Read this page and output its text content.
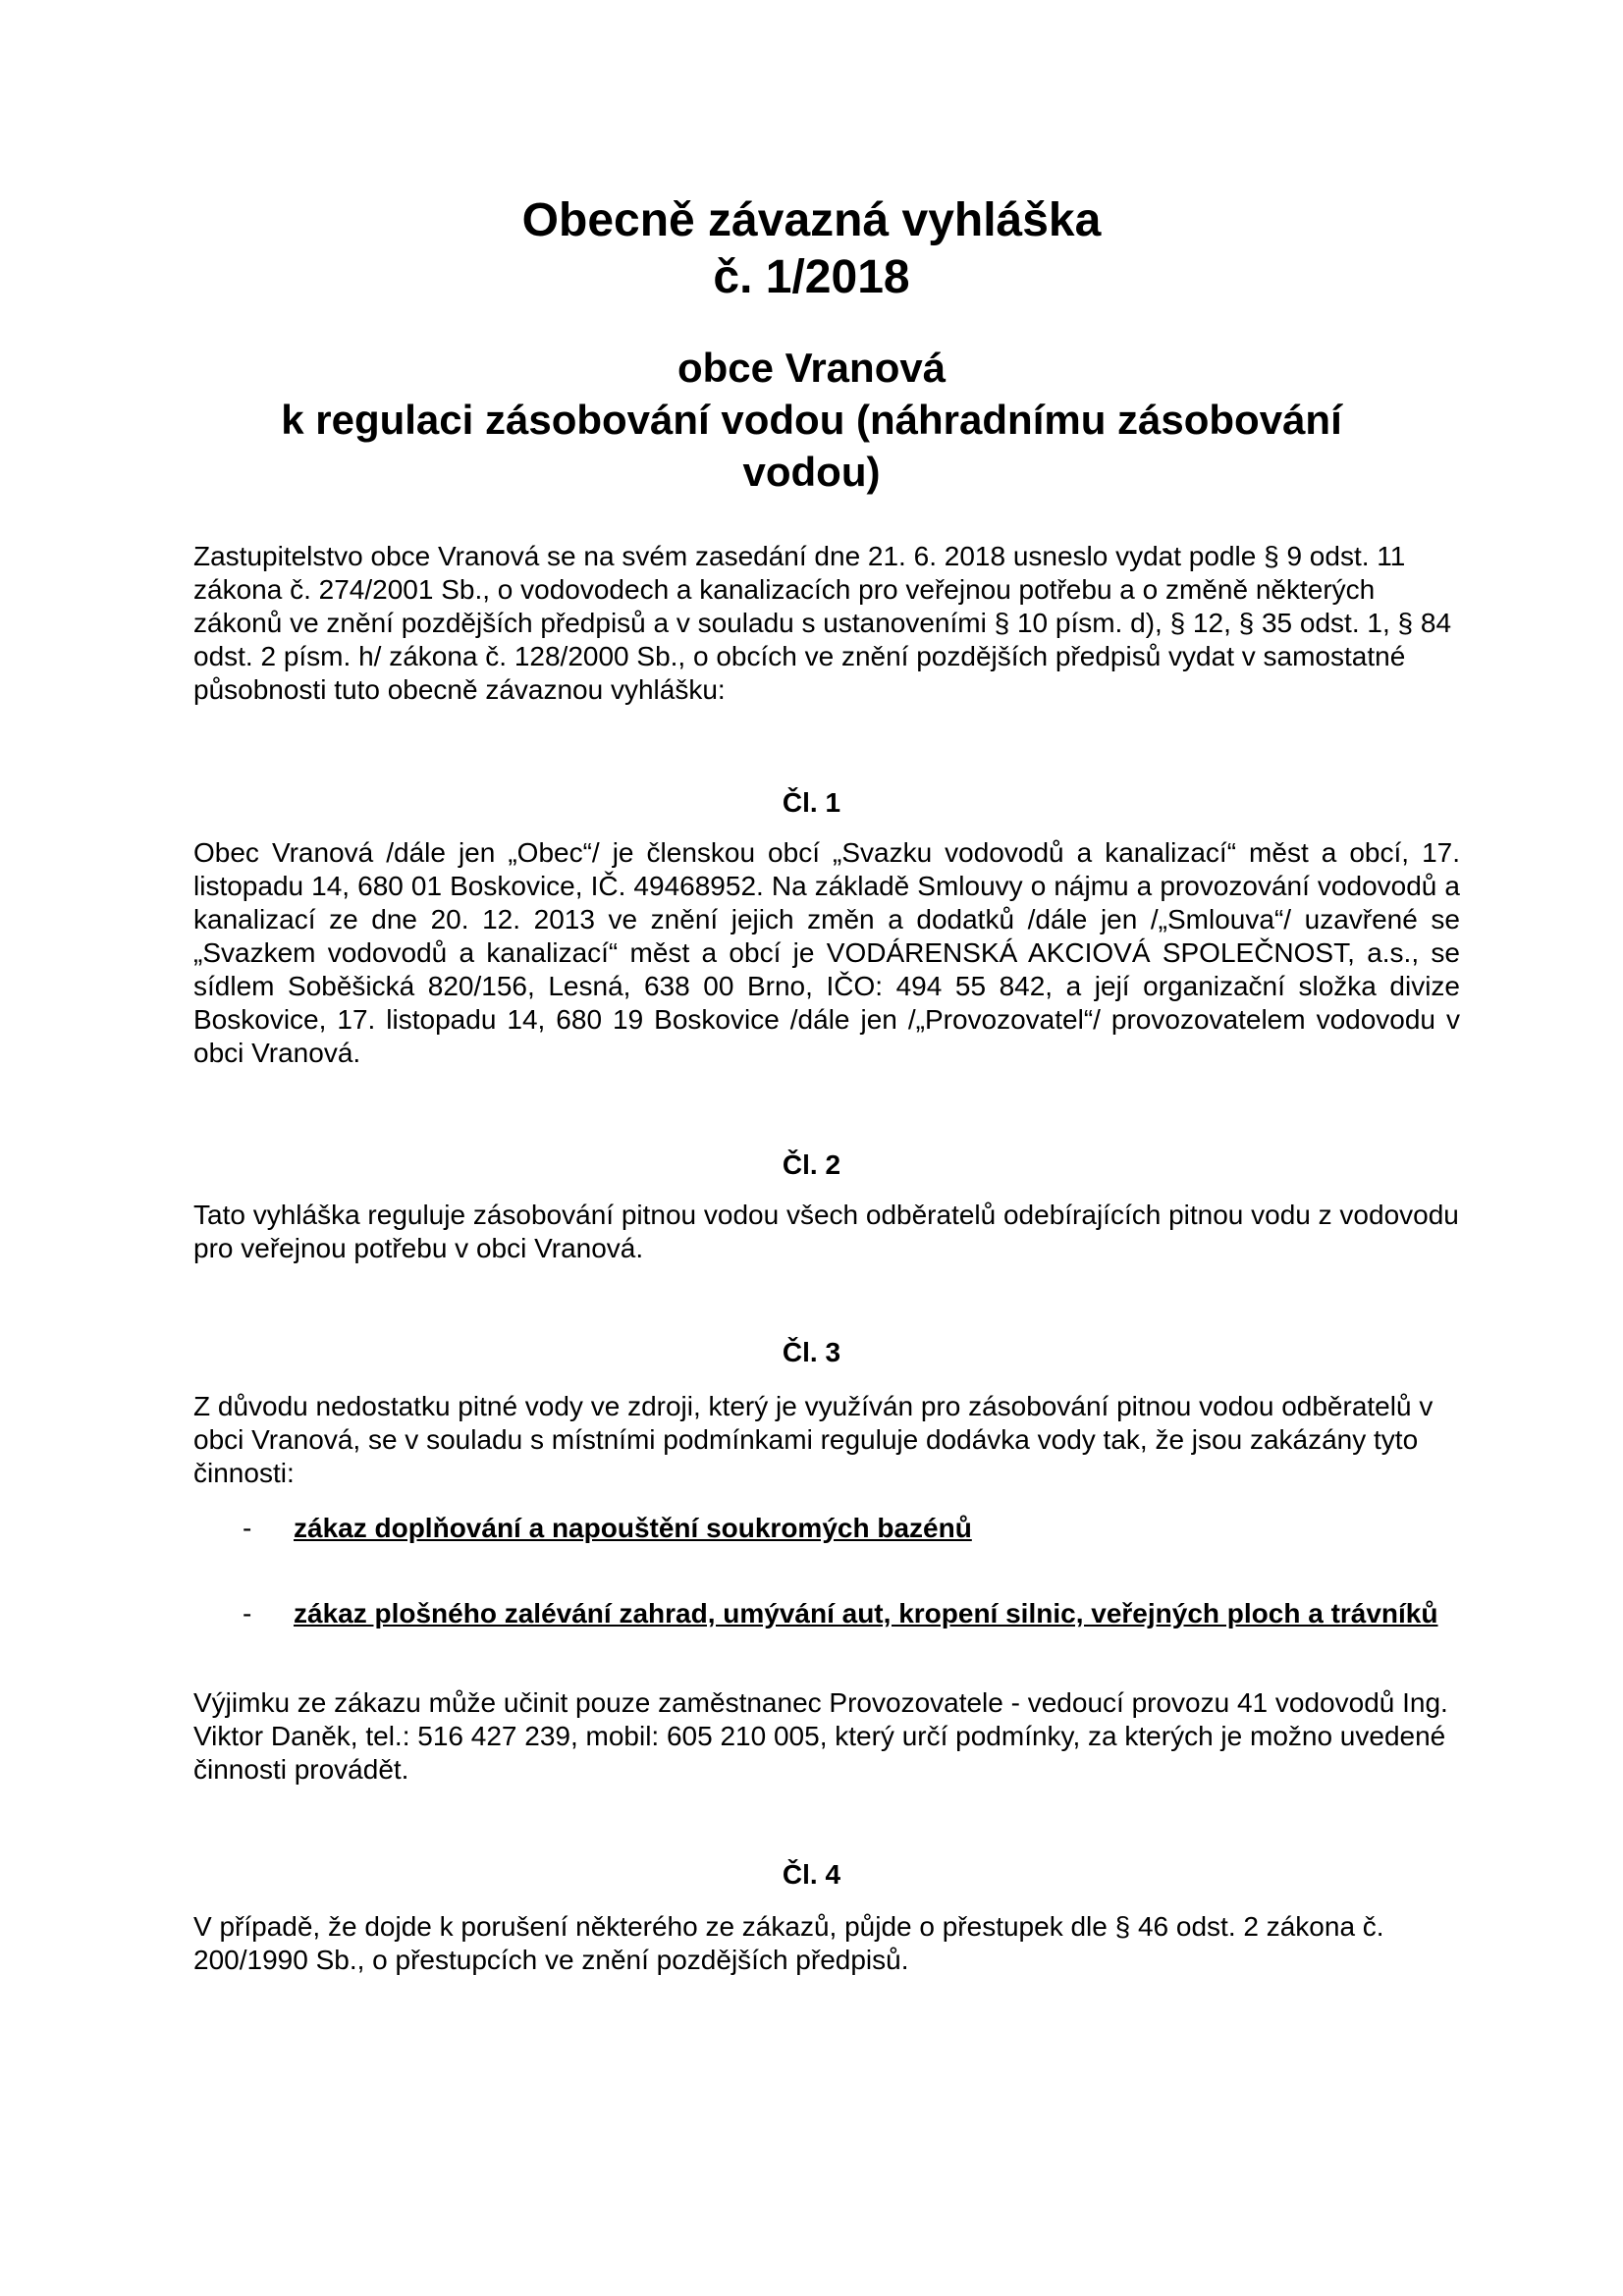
Obecně závazná vyhláška
č. 1/2018
obce Vranová
k regulaci zásobování vodou (náhradnímu zásobování
vodou)

Zastupitelstvo obce Vranová se na svém zasedání dne 21. 6. 2018 usneslo vydat podle § 9 odst. 11 zákona č. 274/2001 Sb., o vodovodech a kanalizacích pro veřejnou potřebu a o změně některých zákonů ve znění pozdějších předpisů a v souladu s ustanoveními § 10 písm. d), § 12, § 35 odst. 1, § 84 odst. 2 písm. h/ zákona č. 128/2000 Sb., o obcích ve znění pozdějších předpisů vydat v samostatné působnosti tuto obecně závaznou vyhlášku:

Čl. 1

Obec Vranová /dále jen „Obec“/ je členskou obcí „Svazku vodovodů a kanalizací“ měst a obcí, 17. listopadu 14, 680 01 Boskovice, IČ. 49468952. Na základě Smlouvy o nájmu a provozování vodovodů a kanalizací ze dne 20. 12. 2013 ve znění jejich změn a dodatků /dále jen /„Smlouva“/ uzavřené se „Svazkem vodovodů a kanalizací“ měst a obcí je VODÁRENSKÁ AKCIOVÁ SPOLEČNOST, a.s., se sídlem Soběšická 820/156, Lesná, 638 00 Brno, IČO: 494 55 842, a její organizační složka divize Boskovice, 17. listopadu 14, 680 19 Boskovice /dále jen /„Provozovatel“/ provozovatelem vodovodu v obci Vranová.

Čl. 2

Tato vyhláška reguluje zásobování pitnou vodou všech odběratelů odebírajících pitnou vodu z vodovodu pro veřejnou potřebu v obci Vranová.

Čl. 3

Z důvodu nedostatku pitné vody ve zdroji, který je využíván pro zásobování pitnou vodou odběratelů v obci Vranová, se v souladu s místními podmínkami reguluje dodávka vody tak, že jsou zakázány tyto činnosti:

- zákaz doplňování a napouštění soukromých bazénů
- zákaz plošného zalévání zahrad, umývání aut, kropení silnic, veřejných ploch a trávníků

Výjimku ze zákazu může učinit pouze zaměstnanec Provozovatele - vedoucí provozu 41 vodovodů Ing. Viktor Daněk, tel.: 516 427 239, mobil: 605 210 005, který určí podmínky, za kterých je možno uvedené činnosti provádět.

Čl. 4

V případě, že dojde k porušení některého ze zákazů, půjde o přestupek dle § 46 odst. 2 zákona č. 200/1990 Sb., o přestupcích ve znění pozdějších předpisů.
